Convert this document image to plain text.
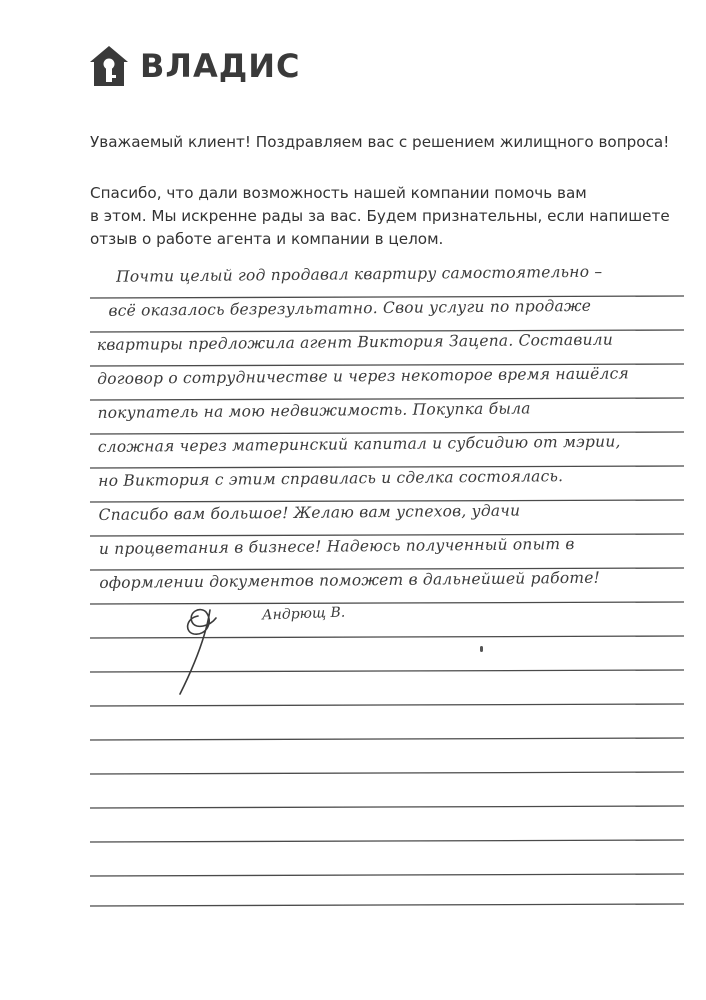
ВЛАДИС
Уважаемый клиент! Поздравляем вас с решением жилищного вопроса!
Спасибо, что дали возможность нашей компании помочь вам
в этом. Мы искренне рады за вас. Будем признательны, если напишете
отзыв о работе агента и компании в целом.
Почти целый год продавал квартиру самостоятельно –
всё оказалось безрезультатно. Свои услуги по продаже
квартиры предложила агент Виктория Зацепа. Составили
договор о сотрудничестве и через некоторое время нашёлся
покупатель на мою недвижимость. Покупка была
сложная через материнский капитал и субсидию от мэрии,
но Виктория с этим справилась и сделка состоялась.
Спасибо вам большое! Желаю вам успехов, удачи
и процветания в бизнесе! Надеюсь полученный опыт в
оформлении документов поможет в дальнейшей работе!
Андрющ В.
